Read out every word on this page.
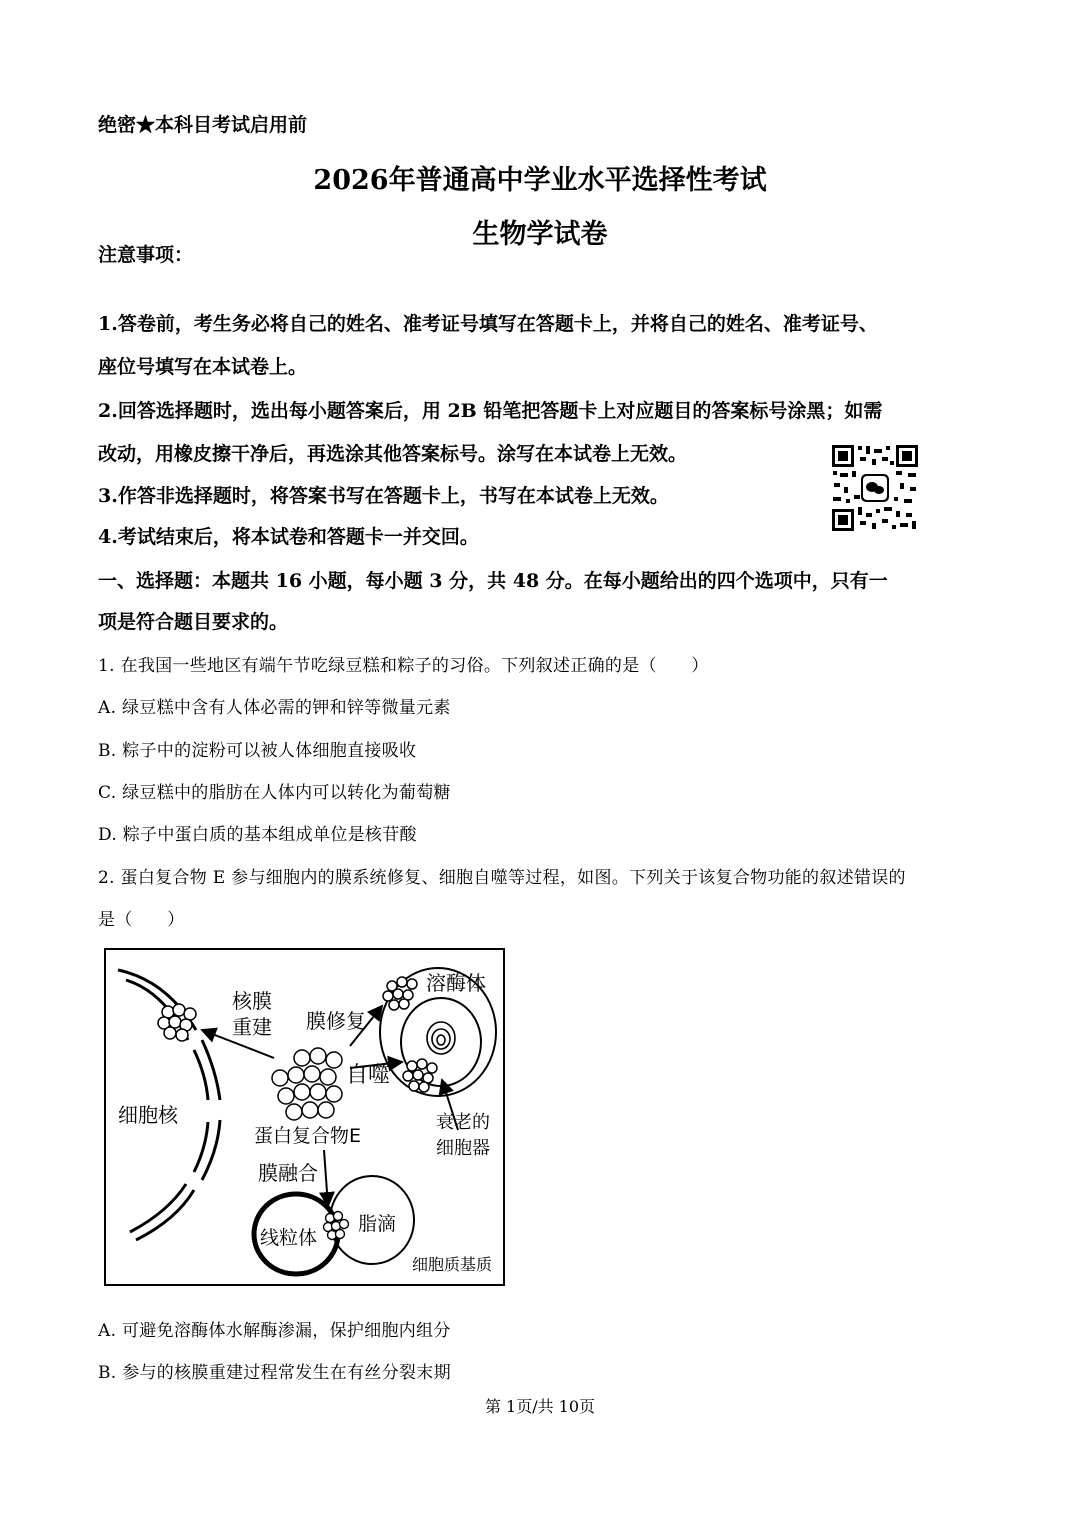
绝密★本科目考试启用前
2026年普通高中学业水平选择性考试
生物学试卷
注意事项：
1.答卷前，考生务必将自己的姓名、准考证号填写在答题卡上，并将自己的姓名、准考证号、
座位号填写在本试卷上。
2.回答选择题时，选出每小题答案后，用 2B 铅笔把答题卡上对应题目的答案标号涂黑；如需
改动，用橡皮擦干净后，再选涂其他答案标号。涂写在本试卷上无效。
3.作答非选择题时，将答案书写在答题卡上，书写在本试卷上无效。
4.考试结束后，将本试卷和答题卡一并交回。
一、选择题：本题共 16 小题，每小题 3 分，共 48 分。在每小题给出的四个选项中，只有一
项是符合题目要求的。
1. 在我国一些地区有端午节吃绿豆糕和粽子的习俗。下列叙述正确的是（　　）
A. 绿豆糕中含有人体必需的钾和锌等微量元素
B. 粽子中的淀粉可以被人体细胞直接吸收
C. 绿豆糕中的脂肪在人体内可以转化为葡萄糖
D. 粽子中蛋白质的基本组成单位是核苷酸
2. 蛋白复合物 E 参与细胞内的膜系统修复、细胞自噬等过程，如图。下列关于该复合物功能的叙述错误的
是（　　）
核膜
重建 膜修复
溶酶体
自噬
细胞核
蛋白复合物E
衰老的
细胞器
膜融合
线粒体
脂滴
细胞质基质
A. 可避免溶酶体水解酶渗漏，保护细胞内组分
B. 参与的核膜重建过程常发生在有丝分裂末期
第 1页/共 10页
